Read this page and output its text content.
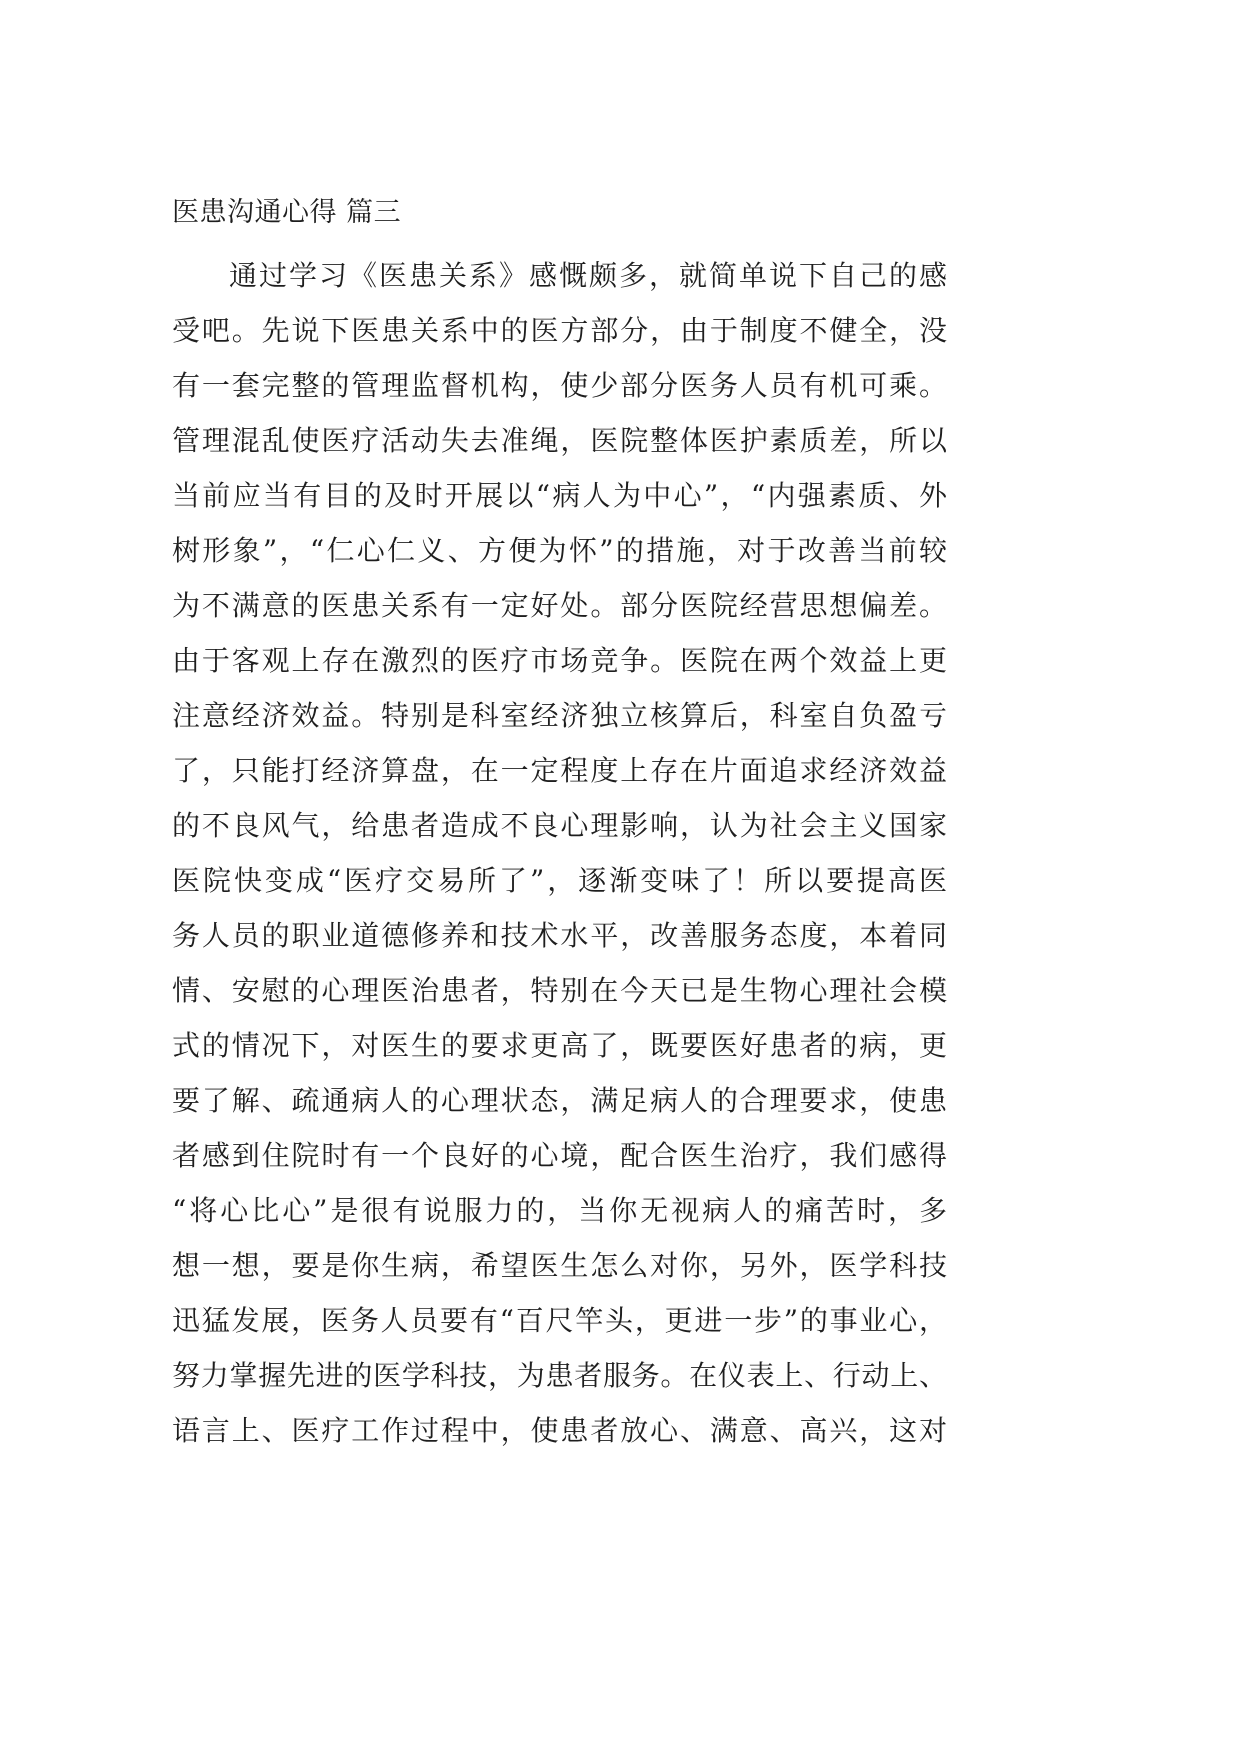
医患沟通心得 篇三
通过学习《医患关系》感慨颇多，就简单说下自己的感
受吧。先说下医患关系中的医方部分，由于制度不健全，没
有一套完整的管理监督机构，使少部分医务人员有机可乘。
管理混乱使医疗活动失去准绳，医院整体医护素质差，所以
当前应当有目的及时开展以“病人为中心”，“内强素质、外
树形象”，“仁心仁义、方便为怀”的措施，对于改善当前较
为不满意的医患关系有一定好处。部分医院经营思想偏差。
由于客观上存在激烈的医疗市场竞争。医院在两个效益上更
注意经济效益。特别是科室经济独立核算后，科室自负盈亏
了，只能打经济算盘，在一定程度上存在片面追求经济效益
的不良风气，给患者造成不良心理影响，认为社会主义国家
医院快变成“医疗交易所了”，逐渐变味了！所以要提高医
务人员的职业道德修养和技术水平，改善服务态度，本着同
情、安慰的心理医治患者，特别在今天已是生物心理社会模
式的情况下，对医生的要求更高了，既要医好患者的病，更
要了解、疏通病人的心理状态，满足病人的合理要求，使患
者感到住院时有一个良好的心境，配合医生治疗，我们感得
“将心比心”是很有说服力的，当你无视病人的痛苦时，多
想一想，要是你生病，希望医生怎么对你，另外，医学科技
迅猛发展，医务人员要有“百尺竿头，更进一步”的事业心，
努力掌握先进的医学科技，为患者服务。在仪表上、行动上、
语言上、医疗工作过程中，使患者放心、满意、高兴，这对
